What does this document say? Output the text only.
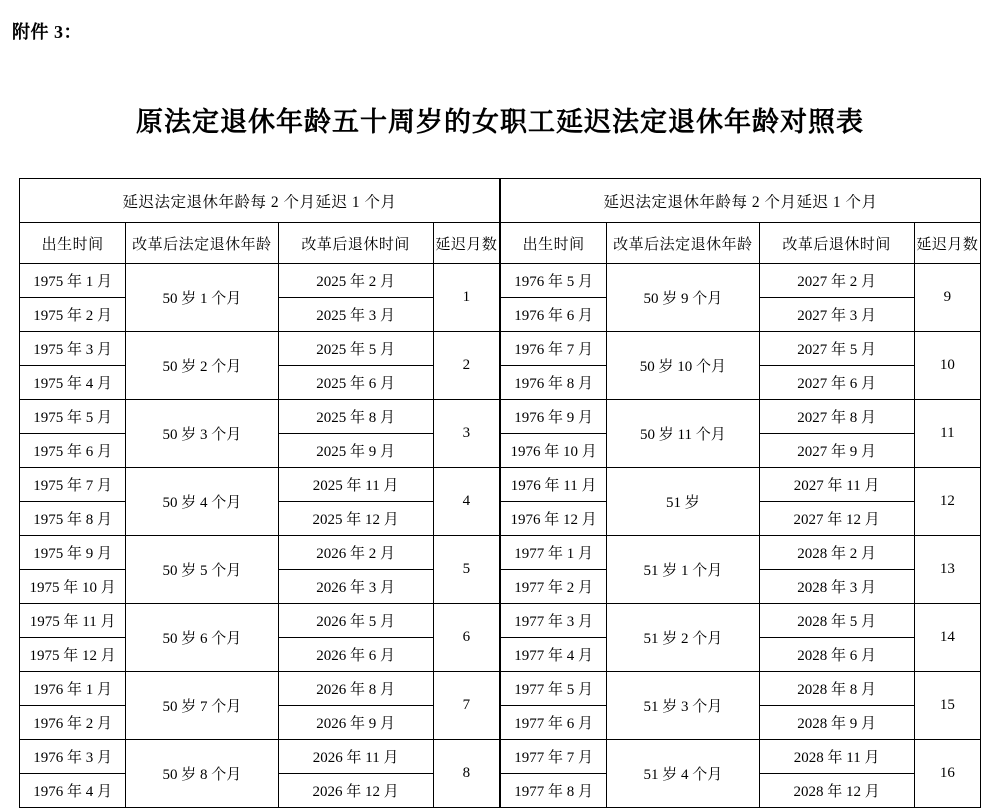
附件 3：
原法定退休年龄五十周岁的女职工延迟法定退休年龄对照表
延迟法定退休年龄每 2 个月延迟 1 个月			
出生时间	改革后法定退休年龄	改革后退休时间	延迟月数
1975 年 1 月	50 岁 1 个月	2025 年 2 月	1
1975 年 2 月		2025 年 3 月	
1975 年 3 月	50 岁 2 个月	2025 年 5 月	2
1975 年 4 月		2025 年 6 月	
1975 年 5 月	50 岁 3 个月	2025 年 8 月	3
1975 年 6 月		2025 年 9 月	
1975 年 7 月	50 岁 4 个月	2025 年 11 月	4
1975 年 8 月		2025 年 12 月	
1975 年 9 月	50 岁 5 个月	2026 年 2 月	5
1975 年 10 月		2026 年 3 月	
1975 年 11 月	50 岁 6 个月	2026 年 5 月	6
1975 年 12 月		2026 年 6 月	
1976 年 1 月	50 岁 7 个月	2026 年 8 月	7
1976 年 2 月		2026 年 9 月	
1976 年 3 月	50 岁 8 个月	2026 年 11 月	8
1976 年 4 月		2026 年 12 月	
延迟法定退休年龄每 2 个月延迟 1 个月			
出生时间	改革后法定退休年龄	改革后退休时间	延迟月数
1976 年 5 月	50 岁 9 个月	2027 年 2 月	9
1976 年 6 月		2027 年 3 月	
1976 年 7 月	50 岁 10 个月	2027 年 5 月	10
1976 年 8 月		2027 年 6 月	
1976 年 9 月	50 岁 11 个月	2027 年 8 月	11
1976 年 10 月		2027 年 9 月	
1976 年 11 月	51 岁	2027 年 11 月	12
1976 年 12 月		2027 年 12 月	
1977 年 1 月	51 岁 1 个月	2028 年 2 月	13
1977 年 2 月		2028 年 3 月	
1977 年 3 月	51 岁 2 个月	2028 年 5 月	14
1977 年 4 月		2028 年 6 月	
1977 年 5 月	51 岁 3 个月	2028 年 8 月	15
1977 年 6 月		2028 年 9 月	
1977 年 7 月	51 岁 4 个月	2028 年 11 月	16
1977 年 8 月		2028 年 12 月	
